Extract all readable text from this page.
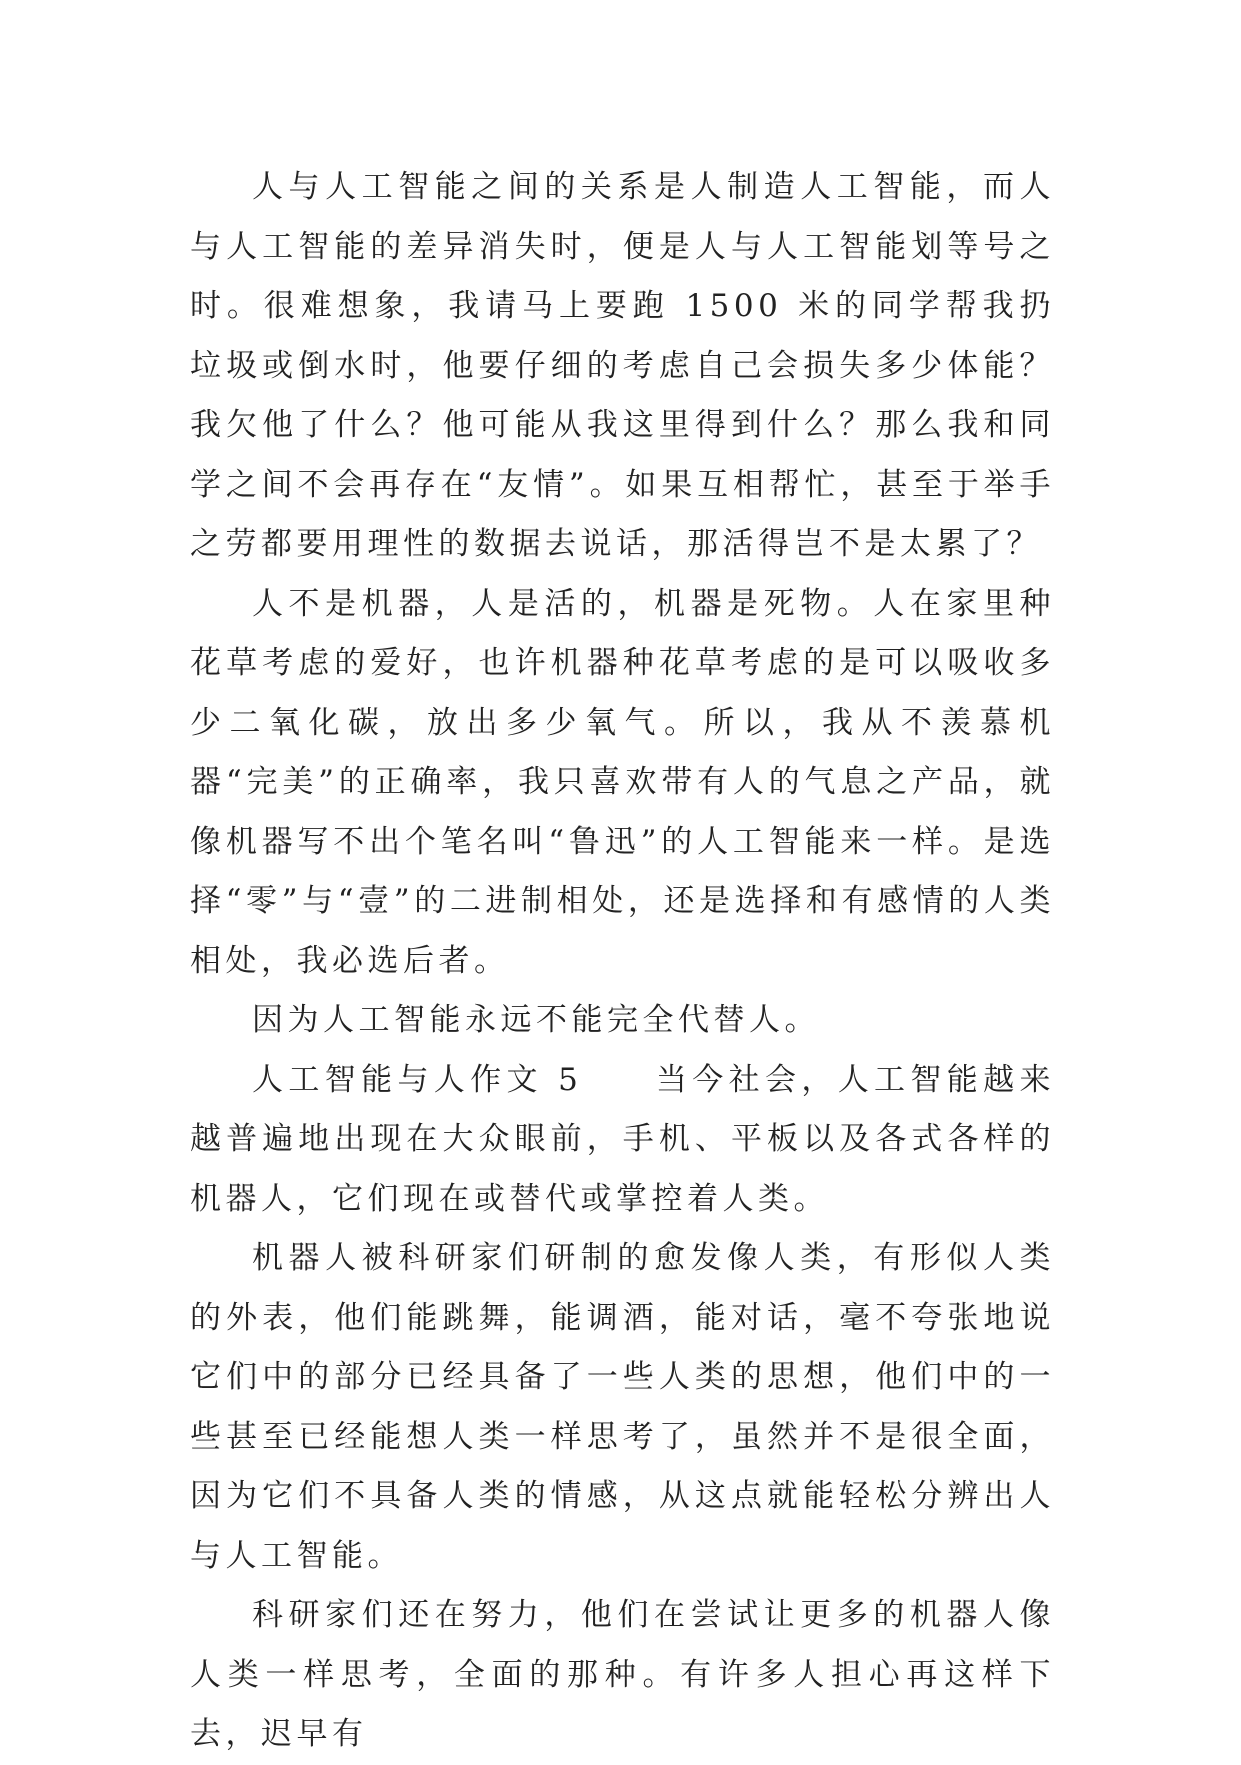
人与人工智能之间的关系是人制造人工智能，而人与人工智能的差异消失时，便是人与人工智能划等号之时。很难想象，我请马上要跑 1500 米的同学帮我扔垃圾或倒水时，他要仔细的考虑自己会损失多少体能？我欠他了什么？他可能从我这里得到什么？那么我和同学之间不会再存在“友情”。如果互相帮忙，甚至于举手之劳都要用理性的数据去说话，那活得岂不是太累了？

人不是机器，人是活的，机器是死物。人在家里种花草考虑的爱好，也许机器种花草考虑的是可以吸收多少二氧化碳，放出多少氧气。所以，我从不羡慕机器“完美”的正确率，我只喜欢带有人的气息之产品，就像机器写不出个笔名叫“鲁迅”的人工智能来一样。是选择“零”与“壹”的二进制相处，还是选择和有感情的人类相处，我必选后者。

因为人工智能永远不能完全代替人。

人工智能与人作文 5　　当今社会，人工智能越来越普遍地出现在大众眼前，手机、平板以及各式各样的机器人，它们现在或替代或掌控着人类。

机器人被科研家们研制的愈发像人类，有形似人类的外表，他们能跳舞，能调酒，能对话，毫不夸张地说它们中的部分已经具备了一些人类的思想，他们中的一些甚至已经能想人类一样思考了，虽然并不是很全面，因为它们不具备人类的情感，从这点就能轻松分辨出人与人工智能。

科研家们还在努力，他们在尝试让更多的机器人像人类一样思考，全面的那种。有许多人担心再这样下去，迟早有
